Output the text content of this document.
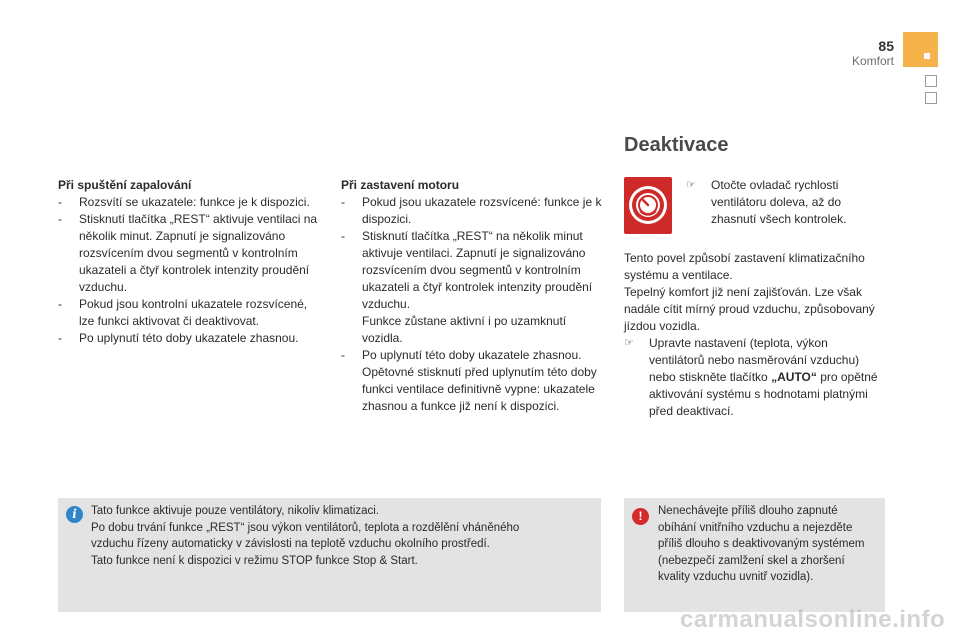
85
Komfort
Při spuštění zapalování
- Rozsvítí se ukazatele: funkce je k dispozici.

- Stisknutí tlačítka „REST“ aktivuje ventilaci na několik minut. Zapnutí je signalizováno rozsvícením dvou segmentů v kontrolním ukazateli a čtyř kontrolek intenzity proudění vzduchu.

- Pokud jsou kontrolní ukazatele rozsvícené, lze funkci aktivovat či deaktivovat.

- Po uplynutí této doby ukazatele zhasnou.

Při zastavení motoru
- Pokud jsou ukazatele rozsvícené: funkce je k dispozici.

- Stisknutí tlačítka „REST“ na několik minut aktivuje ventilaci. Zapnutí je signalizováno rozsvícením dvou segmentů v kontrolním ukazateli a čtyř kontrolek intenzity proudění vzduchu.

Funkce zůstane aktivní i po uzamknutí vozidla.

- Po uplynutí této doby ukazatele zhasnou.

Opětovné stisknutí před uplynutím této doby funkci ventilace definitivně vypne: ukazatele zhasnou a funkce již není k dispozici.

Deaktivace
☞ Otočte ovladač rychlosti ventilátoru doleva, až do zhasnutí všech kontrolek.

Tento povel způsobí zastavení klimatizačního systému a ventilace.

Tepelný komfort již není zajišťován. Lze však nadále cítit mírný proud vzduchu, způsobovaný jízdou vozidla.

☞ Upravte nastavení (teplota, výkon ventilátorů nebo nasměrování vzduchu) nebo stiskněte tlačítko „AUTO“ pro opětné aktivování systému s hodnotami platnými před deaktivací.

i	Tato funkce aktivuje pouze ventilátory, nikoliv klimatizaci.
Po dobu trvání funkce „REST“ jsou výkon ventilátorů, teplota a rozdělění vháněného
vzduchu řízeny automaticky v závislosti na teplotě vzduchu okolního prostředí.
Tato funkce není k dispozici v režimu STOP funkce Stop & Start.
!	Nenechávejte příliš dlouho zapnuté obíhání vnitřního vzduchu a nejezděte příliš dlouho s deaktivovaným systémem (nebezpečí zamlžení skel a zhoršení kvality vzduchu uvnitř vozidla).
carmanualsonline.info
